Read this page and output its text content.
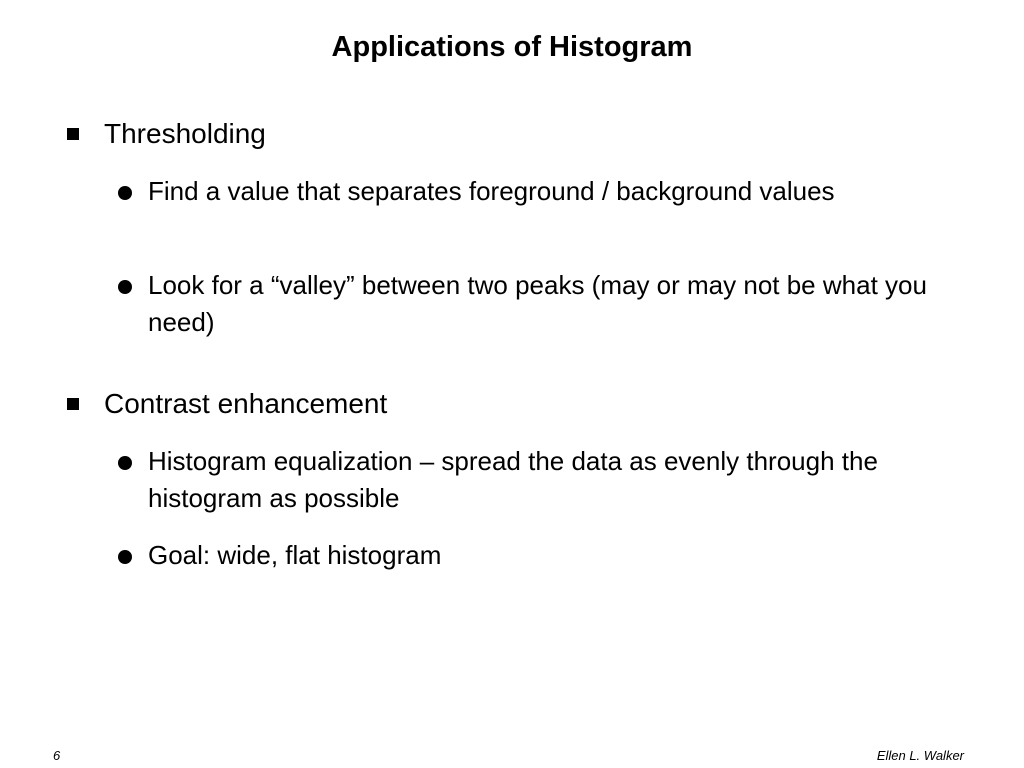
Applications of Histogram
Thresholding
Find a value that separates foreground / background values
Look for a “valley” between two peaks (may or may not be what you need)
Contrast enhancement
Histogram equalization – spread the data as evenly through the histogram as possible
Goal: wide, flat histogram
6	Ellen L. Walker
